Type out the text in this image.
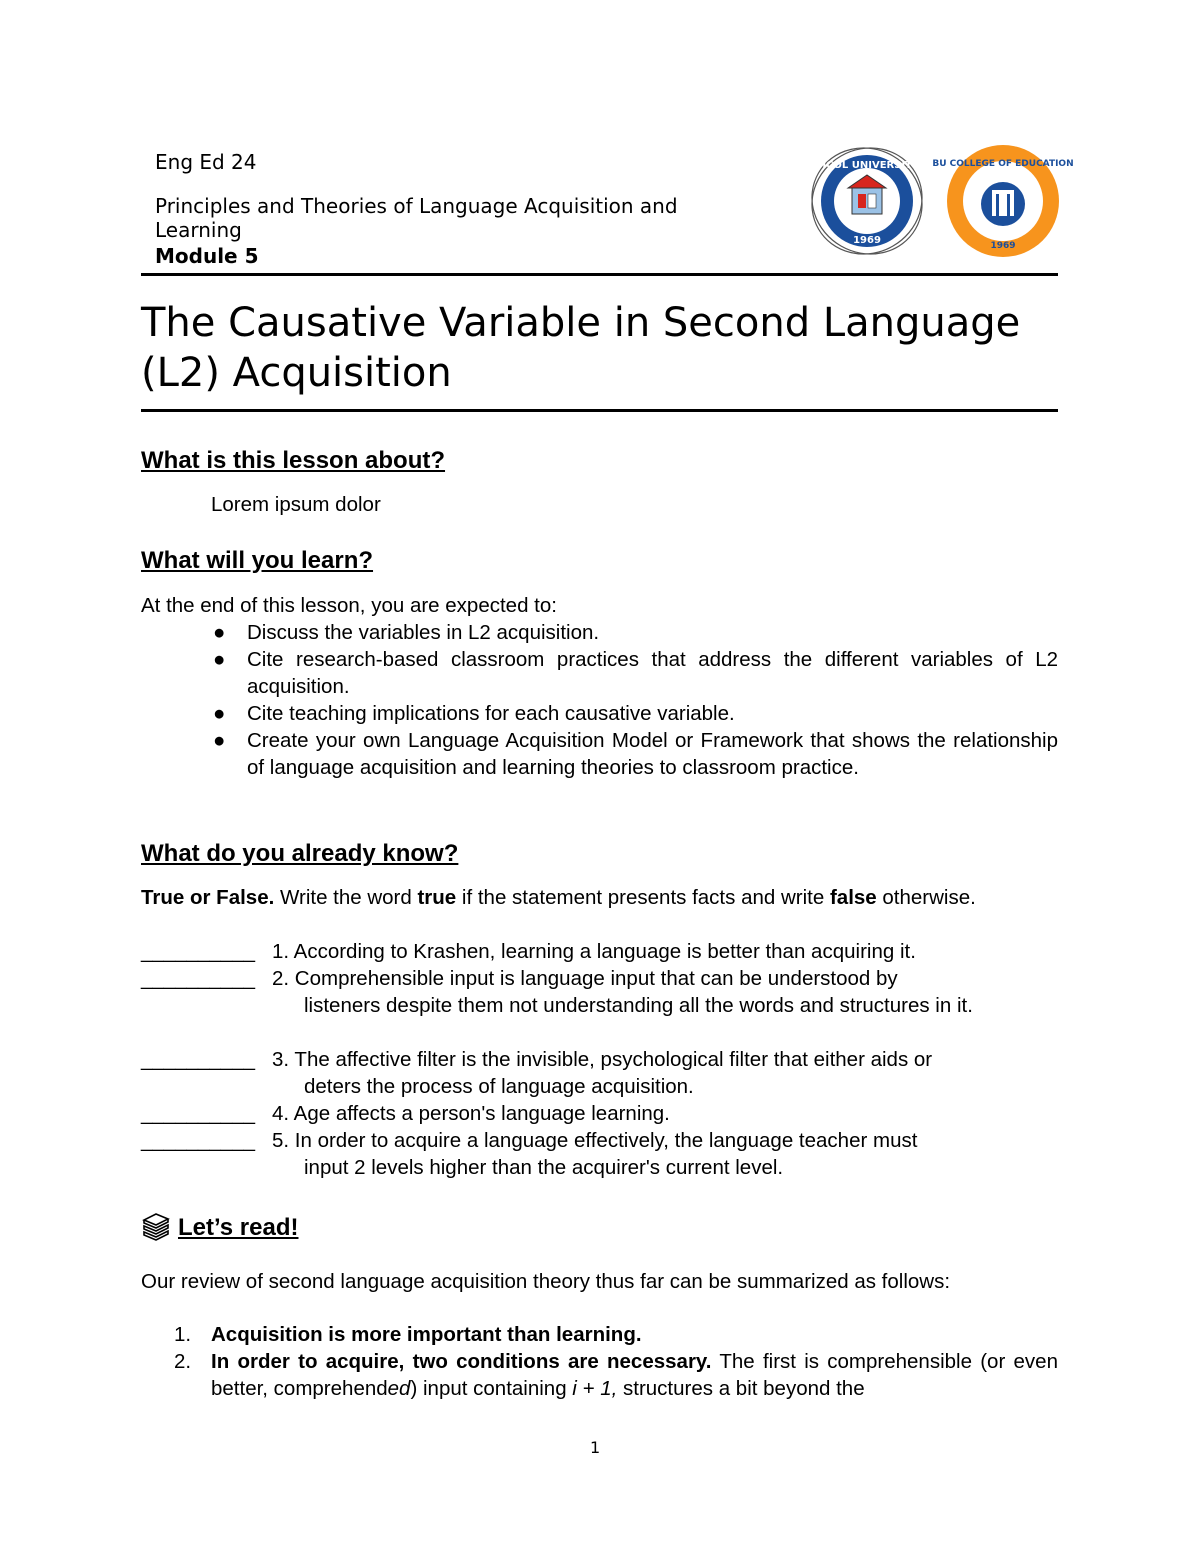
Eng Ed 24
Principles and Theories of Language Acquisition and
Learning
Module 5
BICOL UNIVERSITY
1969
BU COLLEGE OF EDUCATION
1969
The Causative Variable in Second Language
(L2) Acquisition
What is this lesson about?
Lorem ipsum dolor
What will you learn?
At the end of this lesson, you are expected to:
● Discuss the variables in L2 acquisition.
● Cite research-based classroom practices that address the different variables of L2 acquisition.
● Cite teaching implications for each causative variable.
● Create your own Language Acquisition Model or Framework that shows the relationship of language acquisition and learning theories to classroom practice.
What do you already know?
True or False. Write the word true if the statement presents facts and write false otherwise.
__________ 1. According to Krashen, learning a language is better than acquiring it.
__________ 2. Comprehensible input is language input that can be understood by
listeners despite them not understanding all the words and structures in it.
__________ 3. The affective filter is the invisible, psychological filter that either aids or
deters the process of language acquisition.
__________ 4. Age affects a person's language learning.
__________ 5. In order to acquire a language effectively, the language teacher must
input 2 levels higher than the acquirer's current level.
Let’s read!
Our review of second language acquisition theory thus far can be summarized as follows:
1. Acquisition is more important than learning.
2. In order to acquire, two conditions are necessary. The first is comprehensible (or even better, comprehended) input containing i + 1, structures a bit beyond the
1
